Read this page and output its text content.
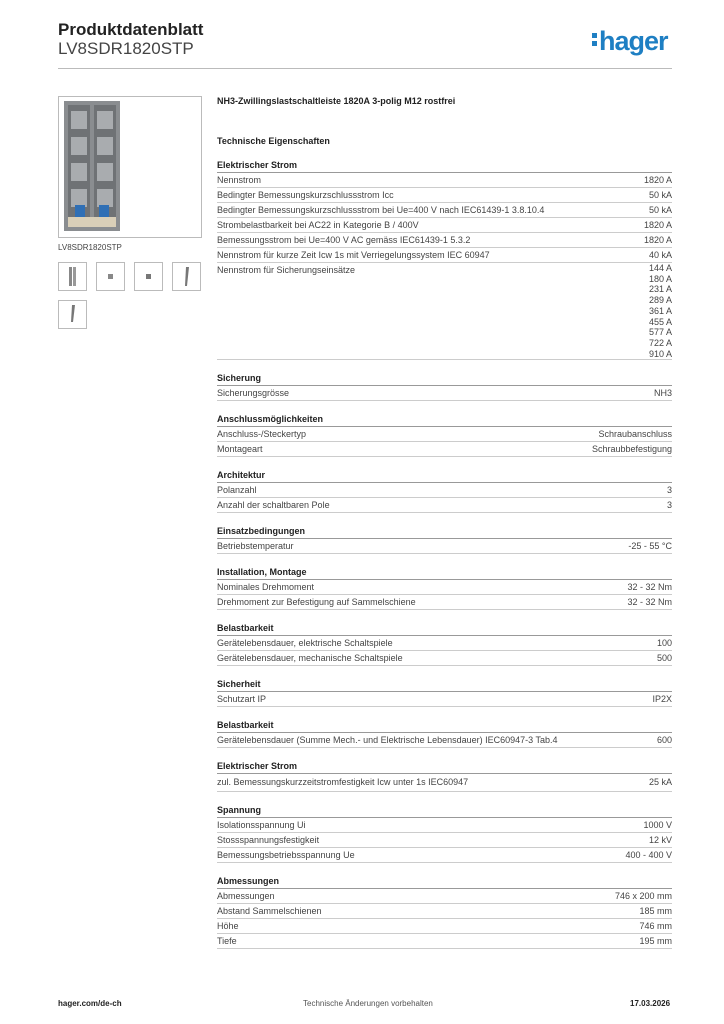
Produktdatenblatt
LV8SDR1820STP	hager
LV8SDR1820STP
NH3-Zwillingslastschaltleiste 1820A 3-polig M12 rostfrei
Technische Eigenschaften
Elektrischer Strom
Nennstrom	1820 A
Bedingter Bemessungskurzschlussstrom Icc	50 kA
Bedingter Bemessungskurzschlussstrom bei Ue=400 V nach IEC61439-1 3.8.10.4	50 kA
Strombelastbarkeit bei AC22 in Kategorie B / 400V	1820 A
Bemessungsstrom bei Ue=400 V AC gemäss IEC61439-1 5.3.2	1820 A
Nennstrom für kurze Zeit Icw 1s mit Verriegelungssystem IEC 60947	40 kA
Nennstrom für Sicherungseinsätze	144 A
180 A
231 A
289 A
361 A
455 A
577 A
722 A
910 A
Sicherung
Sicherungsgrösse	NH3
Anschlussmöglichkeiten
Anschluss-/Steckertyp	Schraubanschluss
Montageart	Schraubbefestigung
Architektur
Polanzahl	3
Anzahl der schaltbaren Pole	3
Einsatzbedingungen
Betriebstemperatur	-25 - 55 °C
Installation, Montage
Nominales Drehmoment	32 - 32 Nm
Drehmoment zur Befestigung auf Sammelschiene	32 - 32 Nm
Belastbarkeit
Gerätelebensdauer, elektrische Schaltspiele	100
Gerätelebensdauer, mechanische Schaltspiele	500
Sicherheit
Schutzart IP	IP2X
Belastbarkeit
Gerätelebensdauer (Summe Mech.- und Elektrische Lebensdauer) IEC60947-3 Tab.4	600
Elektrischer Strom
zul. Bemessungskurzzeitstromfestigkeit Icw unter 1s IEC60947	25 kA
Spannung
Isolationsspannung Ui	1000 V
Stossspannungsfestigkeit	12 kV
Bemessungsbetriebsspannung Ue	400 - 400 V
Abmessungen
Abmessungen	746 x 200 mm
Abstand Sammelschienen	185 mm
Höhe	746 mm
Tiefe	195 mm
hager.com/de-ch	Technische Änderungen vorbehalten	17.03.2026
